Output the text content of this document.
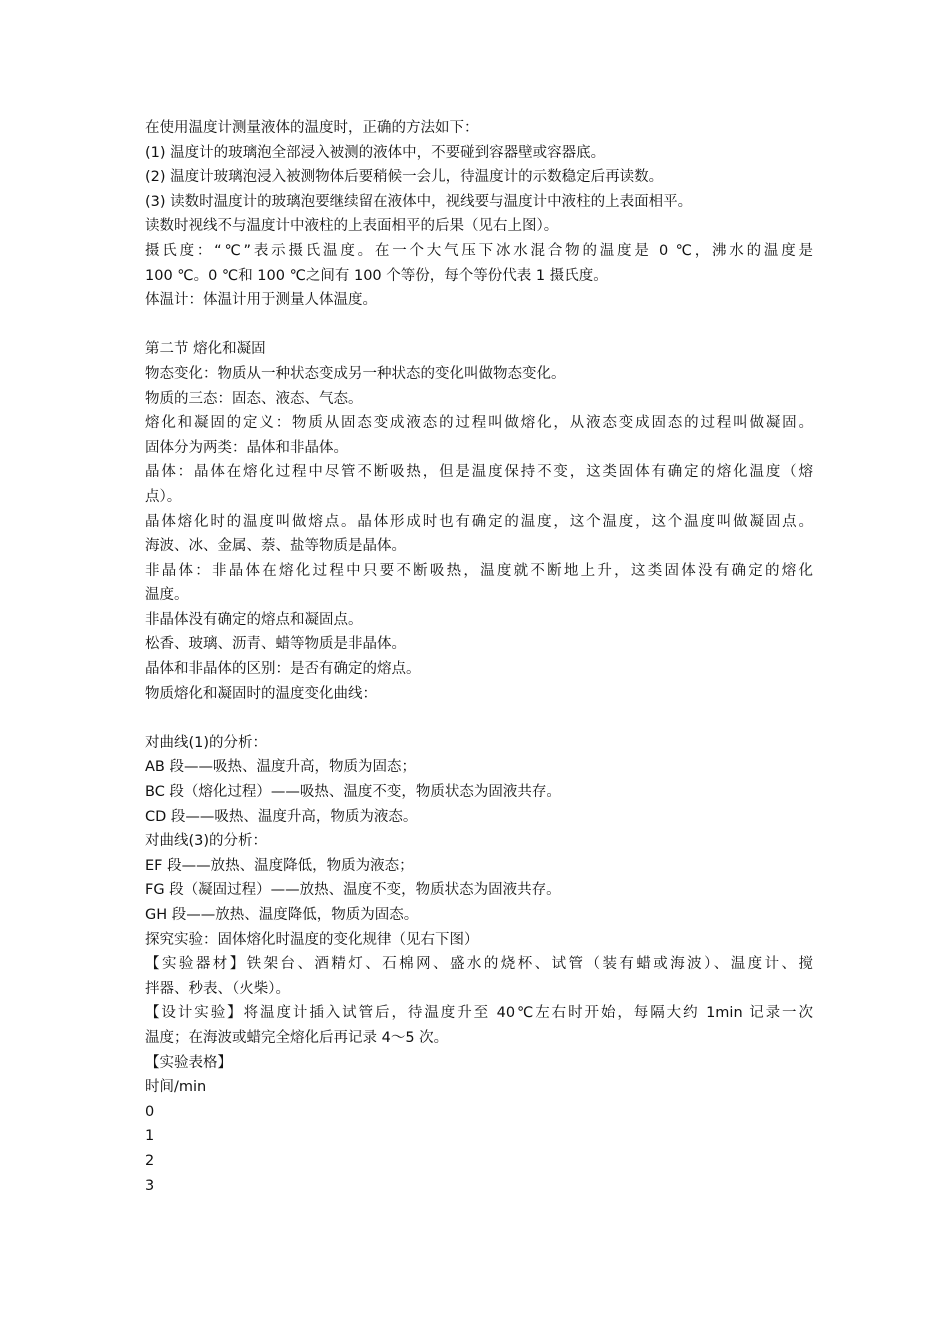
在使用温度计测量液体的温度时，正确的方法如下：
(1) 温度计的玻璃泡全部浸入被测的液体中，不要碰到容器壁或容器底。
(2) 温度计玻璃泡浸入被测物体后要稍候一会儿，待温度计的示数稳定后再读数。
(3) 读数时温度计的玻璃泡要继续留在液体中，视线要与温度计中液柱的上表面相平。
读数时视线不与温度计中液柱的上表面相平的后果（见右上图）。
摄氏度：“℃”表示摄氏温度。在一个大气压下冰水混合物的温度是 0 ℃，沸水的温度是
100 ℃。0 ℃和 100 ℃之间有 100 个等份，每个等份代表 1 摄氏度。
体温计：体温计用于测量人体温度。
第二节 熔化和凝固
物态变化：物质从一种状态变成另一种状态的变化叫做物态变化。
物质的三态：固态、液态、气态。
熔化和凝固的定义：物质从固态变成液态的过程叫做熔化，从液态变成固态的过程叫做凝固。
固体分为两类：晶体和非晶体。
晶体：晶体在熔化过程中尽管不断吸热，但是温度保持不变，这类固体有确定的熔化温度（熔
点）。
晶体熔化时的温度叫做熔点。晶体形成时也有确定的温度，这个温度，这个温度叫做凝固点。
海波、冰、金属、萘、盐等物质是晶体。
非晶体：非晶体在熔化过程中只要不断吸热，温度就不断地上升，这类固体没有确定的熔化
温度。
非晶体没有确定的熔点和凝固点。
松香、玻璃、沥青、蜡等物质是非晶体。
晶体和非晶体的区别：是否有确定的熔点。
物质熔化和凝固时的温度变化曲线：
对曲线(1)的分析：
AB 段——吸热、温度升高，物质为固态；
BC 段（熔化过程）——吸热、温度不变，物质状态为固液共存。
CD 段——吸热、温度升高，物质为液态。
对曲线(3)的分析：
EF 段——放热、温度降低，物质为液态；
FG 段（凝固过程）——放热、温度不变，物质状态为固液共存。
GH 段——放热、温度降低，物质为固态。
探究实验：固体熔化时温度的变化规律（见右下图）
【实验器材】铁架台、酒精灯、石棉网、盛水的烧杯、试管（装有蜡或海波）、温度计、搅
拌器、秒表、（火柴）。
【设计实验】将温度计插入试管后，待温度升至 40℃左右时开始，每隔大约 1min 记录一次
温度；在海波或蜡完全熔化后再记录 4～5 次。
【实验表格】
时间/min
0
1
2
3
